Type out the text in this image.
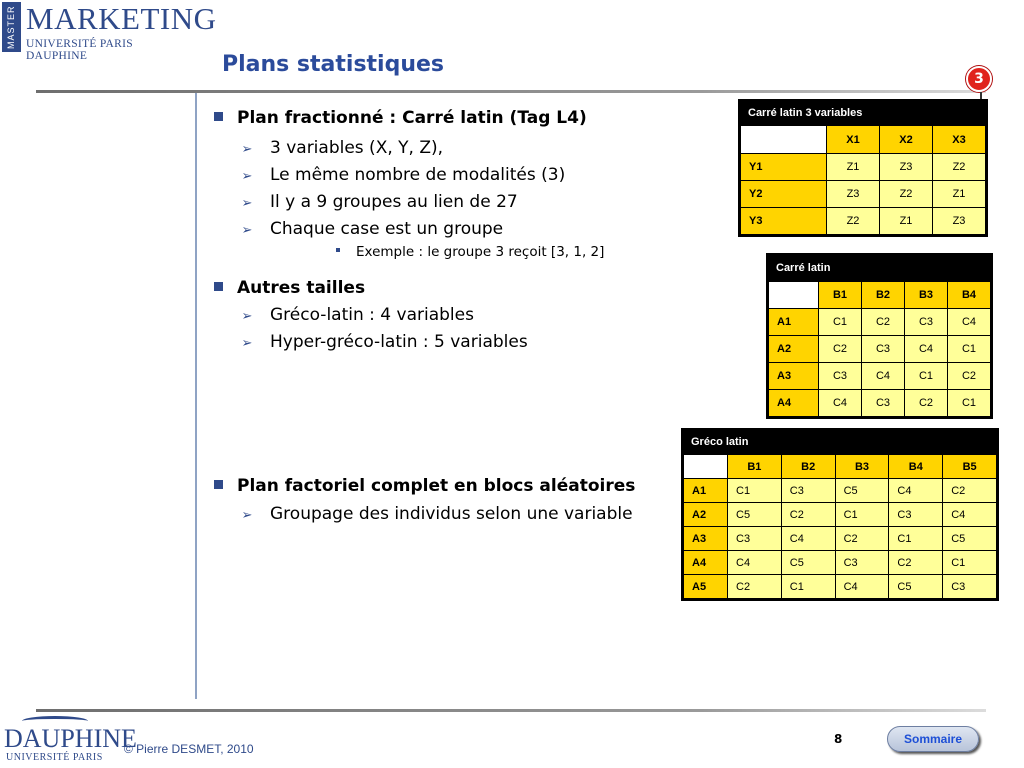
MASTER MARKETING
UNIVERSITÉ PARIS DAUPHINE	Plans statistiques
3
Plan fractionné : Carré latin (Tag L4)
➢ 3 variables (X, Y, Z),
➢ Le même nombre de modalités (3)
➢ Il y a 9 groupes au lien de 27
➢ Chaque case est un groupe
Exemple : le groupe 3 reçoit [3, 1, 2]
Autres tailles
➢ Gréco-latin : 4 variables
➢ Hyper-gréco-latin : 5 variables
Plan factoriel complet en blocs aléatoires
➢ Groupage des individus selon une variable
Carré latin 3 variables
	X1	X2	X3
Y1	Z1	Z3	Z2
Y2	Z3	Z2	Z1
Y3	Z2	Z1	Z3
Carré latin
	B1	B2	B3	B4
A1	C1	C2	C3	C4
A2	C2	C3	C4	C1
A3	C3	C4	C1	C2
A4	C4	C3	C2	C1
Gréco latin
	B1	B2	B3	B4	B5
A1	C1	C3	C5	C4	C2
A2	C5	C2	C1	C3	C4
A3	C3	C4	C2	C1	C5
A4	C4	C5	C3	C2	C1
A5	C2	C1	C4	C5	C3
DAUPHINE
UNIVERSITÉ PARIS
© Pierre DESMET, 2010
8	Sommaire
